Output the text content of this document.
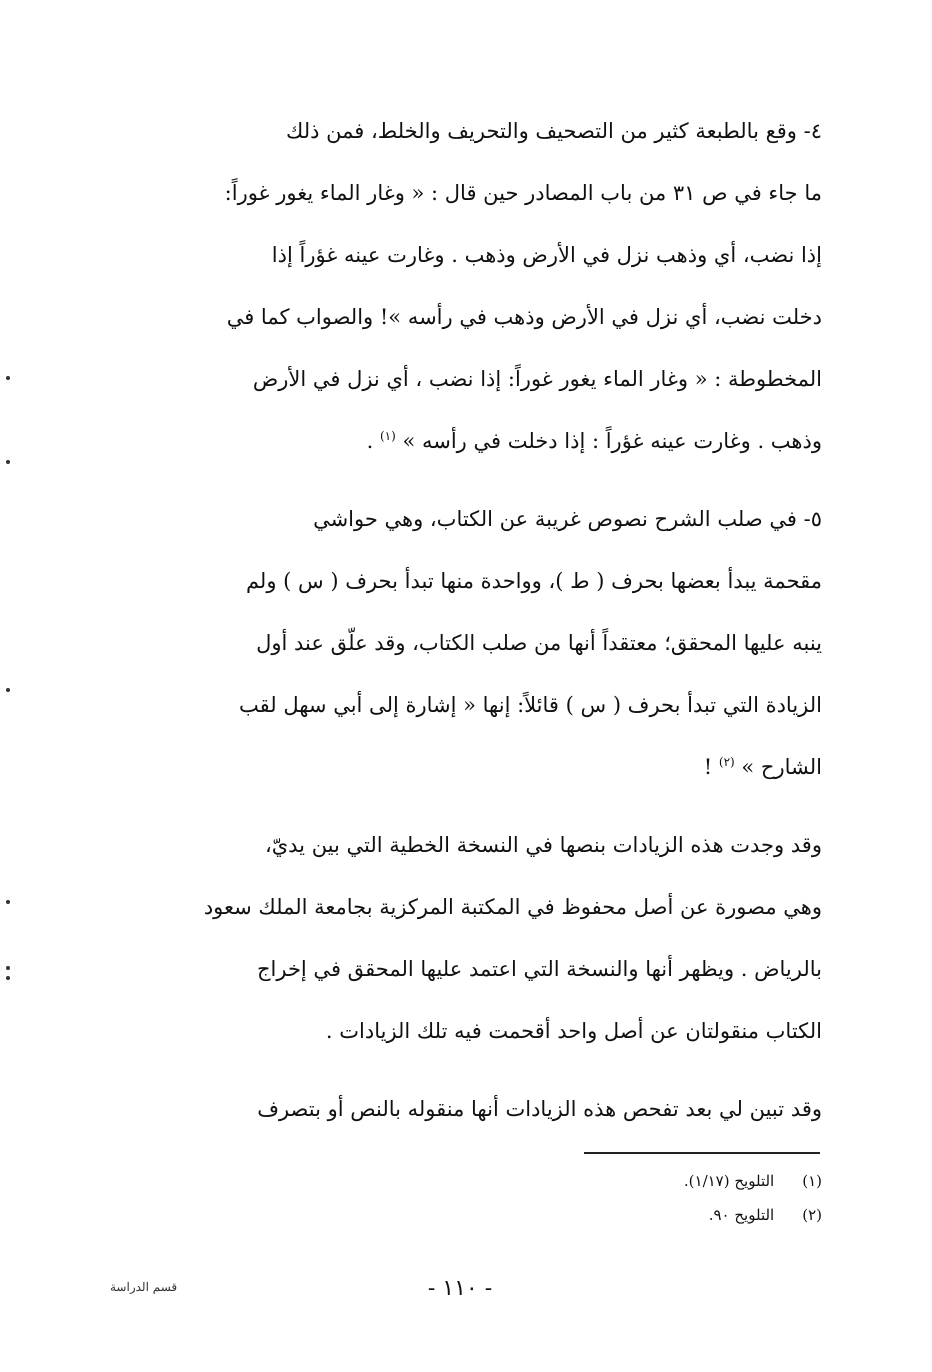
٤- وقع بالطبعة كثير من التصحيف والتحريف والخلط، فمن ذلك

ما جاء في ص ٣١ من باب المصادر حين قال : « وغار الماء يغور غوراً:

إذا نضب، أي وذهب نزل في الأرض وذهب . وغارت عينه غؤراً إذا

دخلت نضب، أي نزل في الأرض وذهب في رأسه »! والصواب كما في

المخطوطة : « وغار الماء يغور غوراً: إذا نضب ، أي نزل في الأرض

وذهب . وغارت عينه غؤراً : إذا دخلت في رأسه » $^{(١)}$ .

٥- في صلب الشرح نصوص غريبة عن الكتاب، وهي حواشي

مقحمة يبدأ بعضها بحرف ( ط )، وواحدة منها تبدأ بحرف ( س ) ولم

ينبه عليها المحقق؛ معتقداً أنها من صلب الكتاب، وقد علّق عند أول

الزيادة التي تبدأ بحرف ( س ) قائلاً: إنها « إشارة إلى أبي سهل لقب

الشارح » $^{(٢)}$ !

وقد وجدت هذه الزيادات بنصها في النسخة الخطية التي بين يديّ،

وهي مصورة عن أصل محفوظ في المكتبة المركزية بجامعة الملك سعود

بالرياض . ويظهر أنها والنسخة التي اعتمد عليها المحقق في إخراج

الكتاب منقولتان عن أصل واحد أقحمت فيه تلك الزيادات .

وقد تبين لي بعد تفحص هذه الزيادات أنها منقوله بالنص أو بتصرف

(١)
التلويح (١/١٧).
(٢)
التلويح ٩٠.
- ١١٠ -
قسم الدراسة
